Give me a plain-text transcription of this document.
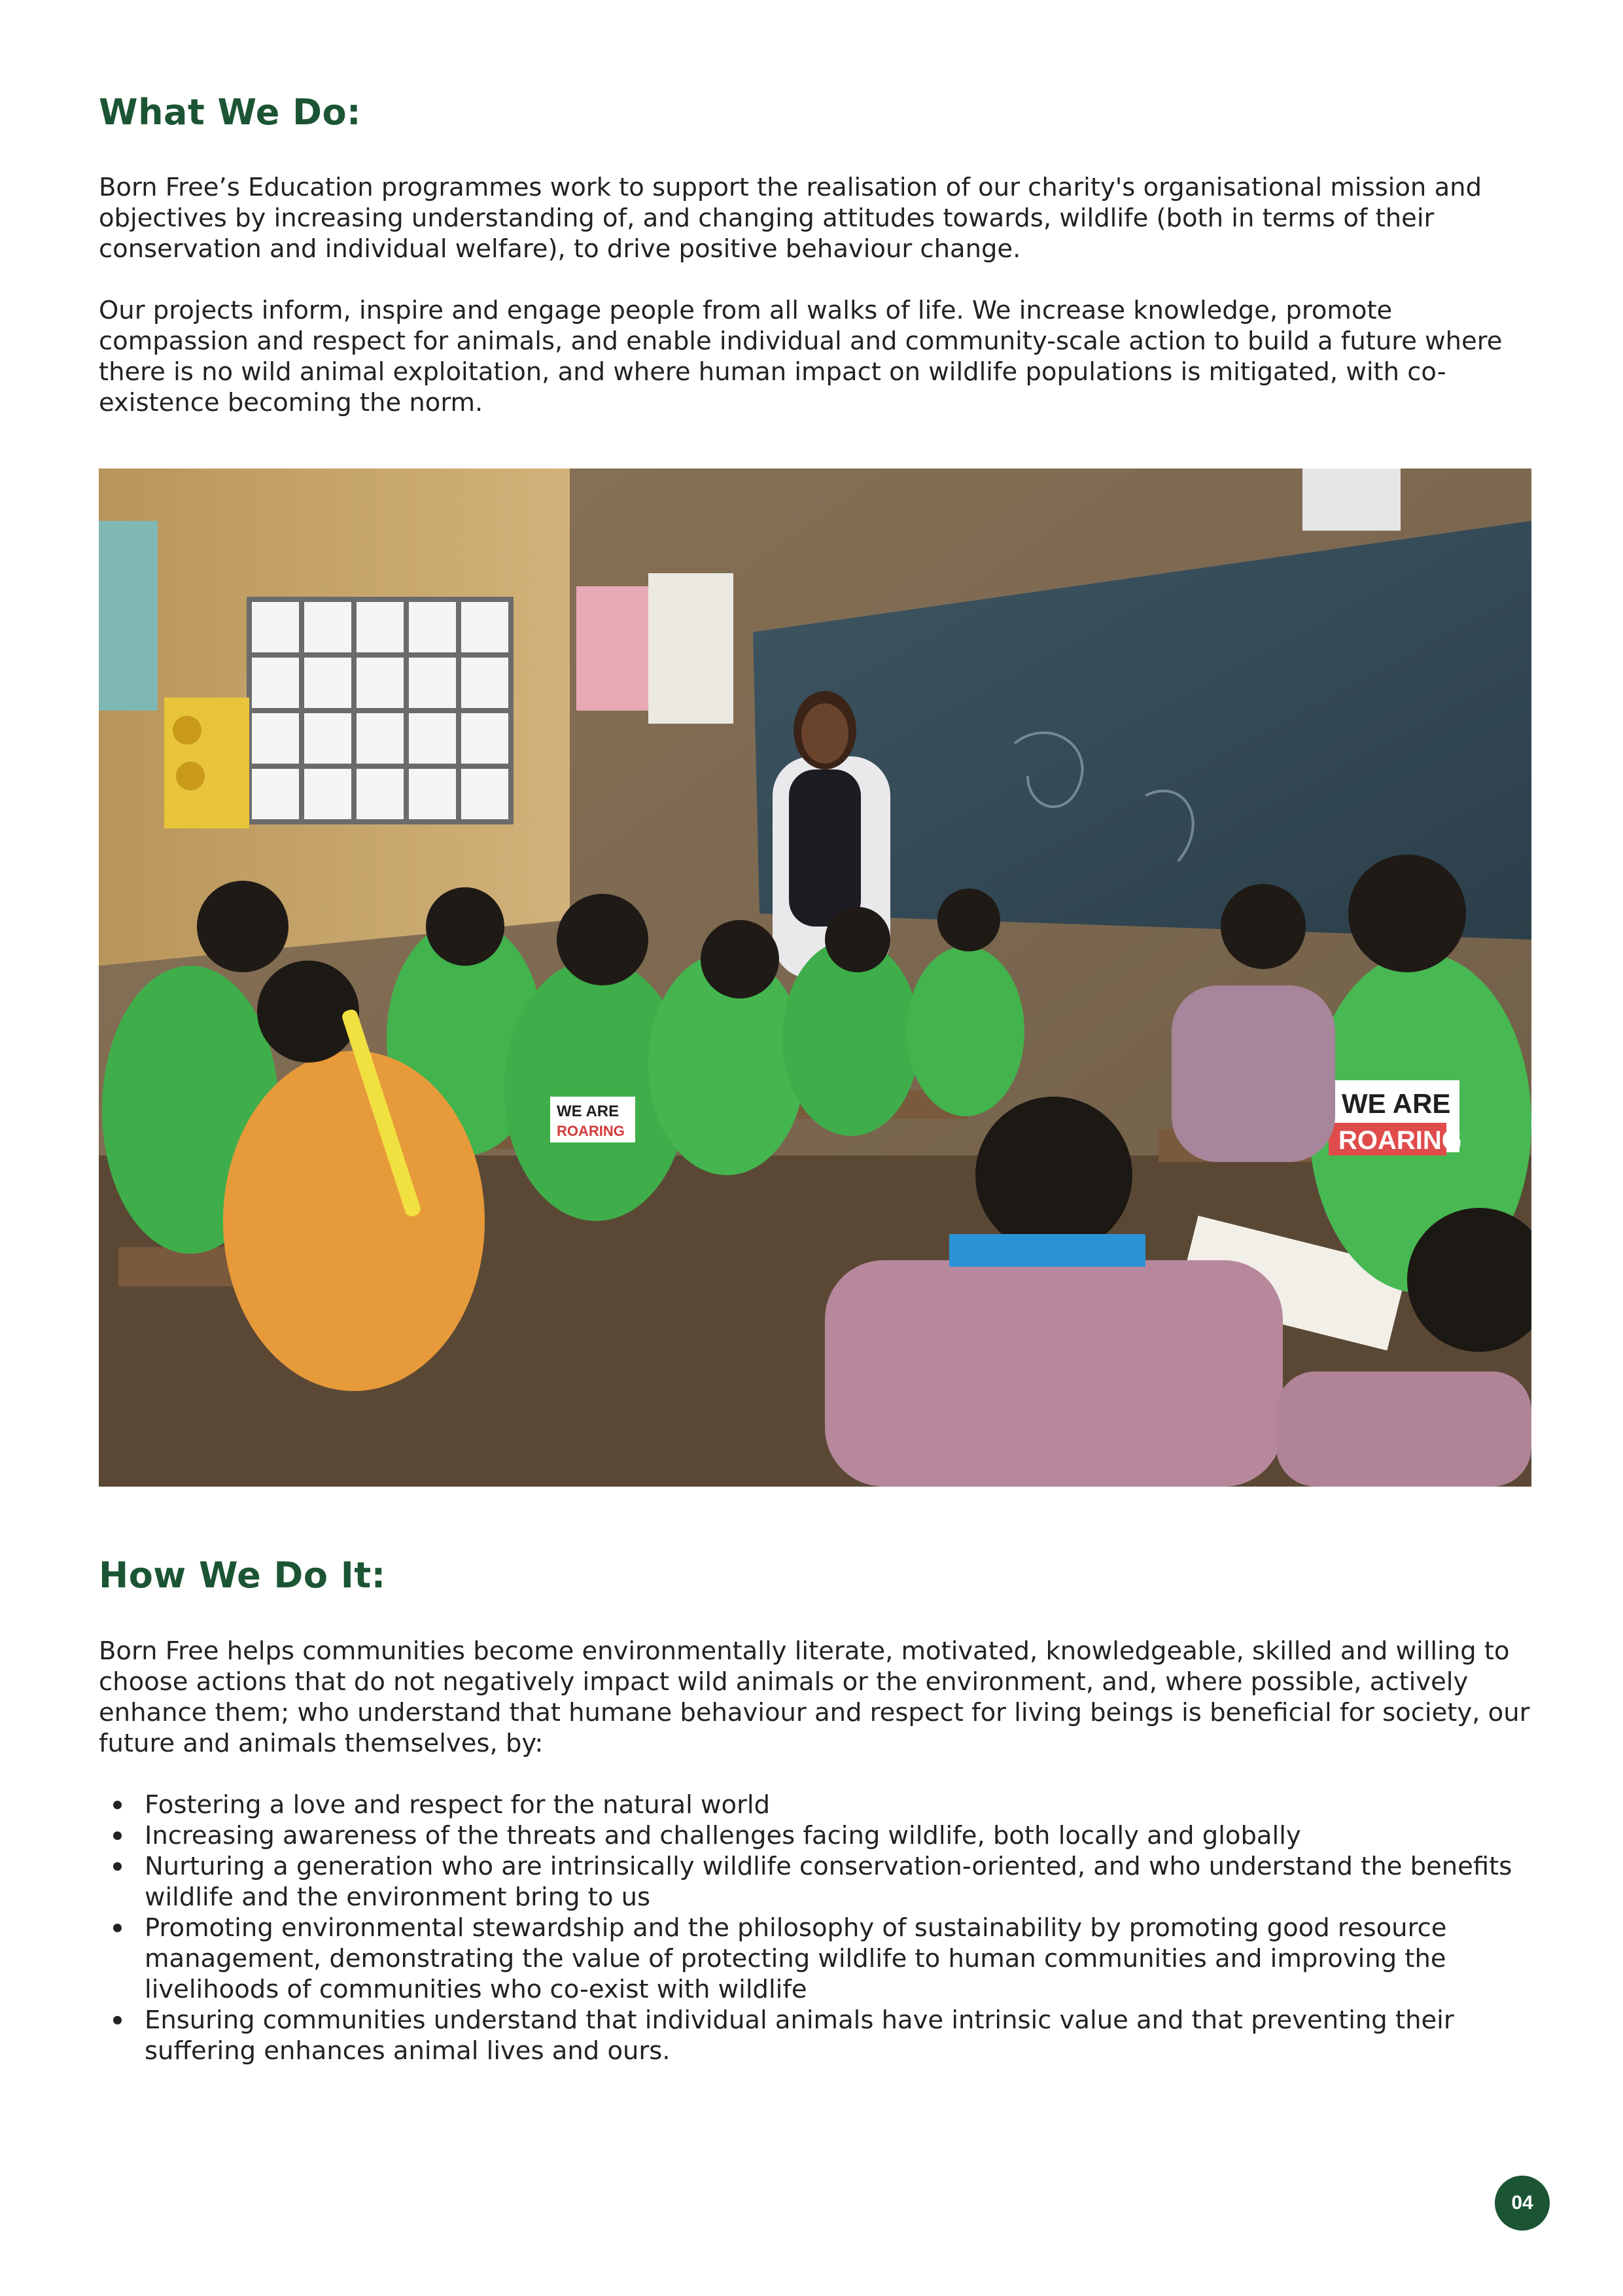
What We Do:

Born Free’s Education programmes work to support the realisation of our charity's organisational mission and objectives by increasing understanding of, and changing attitudes towards, wildlife (both in terms of their conservation and individual welfare), to drive positive behaviour change.

Our projects inform, inspire and engage people from all walks of life. We increase knowledge, promote compassion and respect for animals, and enable individual and community-scale action to build a future where there is no wild animal exploitation, and where human impact on wildlife populations is mitigated, with co-existence becoming the norm.

WE ARE
ROARING
WE ARE
ROARING
How We Do It:

Born Free helps communities become environmentally literate, motivated, knowledgeable, skilled and willing to choose actions that do not negatively impact wild animals or the environment, and, where possible, actively enhance them; who understand that humane behaviour and respect for living beings is beneficial for society, our future and animals themselves, by:

Fostering a love and respect for the natural world
Increasing awareness of the threats and challenges facing wildlife, both locally and globally
Nurturing a generation who are intrinsically wildlife conservation-oriented, and who understand the benefits wildlife and the environment bring to us
Promoting environmental stewardship and the philosophy of sustainability by promoting good resource management, demonstrating the value of protecting wildlife to human communities and improving the livelihoods of communities who co-exist with wildlife
Ensuring communities understand that individual animals have intrinsic value and that preventing their suffering enhances animal lives and ours.
04
